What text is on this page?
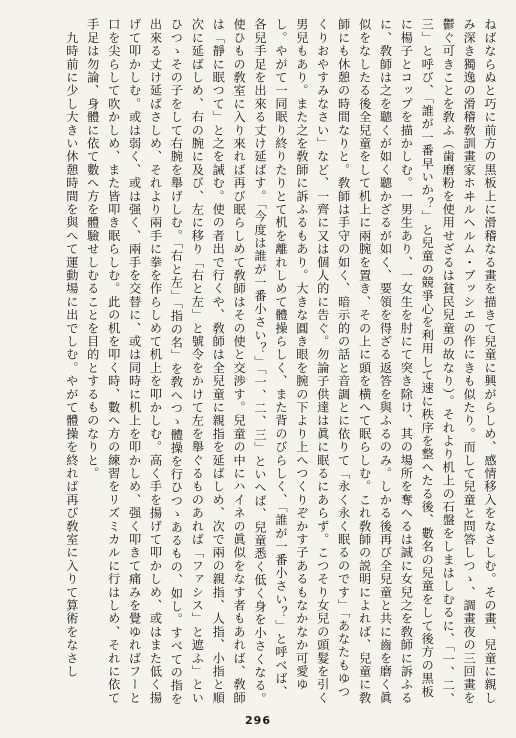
ねばならぬと巧に前方の黒板上に滑稽なる畫を描きて兒童に興がらしめ、感情移入をなさしむ。その畫、兒童に親しみ深き獨逸の滑稽敎訓畫家ホヰルヘルム・ブッシエの作にきも似たり。而して兒童と問答しつゝ、調畫夜の三回畫を鬱ぐ可きことを敎ふ（歯磨粉を使用せざるは貧民兒童の故なり）。それより机上の石盤をしまはしむるに、「一、二、三」と呼び、「誰が一番早いか？」と兒童の競爭心を利用して速に秩序を整へたる後、數名の兒童をして後方の黒板に楊子とコップを描かしむ。一男生あり、一女生を肘にて突き除け、其の場所を奪へるは誠に女兒之を敎師に訴ふるに、敎師は之を聽くが如く聽かざるが如く、要領を得ざる返答を與ふるのみ。しかる後再び全兒童と共に齒を磨く眞似をなしたる後全兒童をして机上に兩腕を置き、その上に頭を横へて眠らしむ。これ敎師の説明によれば、兒童に敎師にも休憩の時間なりと。敎師は手守の如く、暗示的の話と音調とに依りて「永く永く眠るのです」「あなたもゆつくりおやすみなさい」など、一齊に又は個人的に告ぐ。勿論子供達は眞に眠るにあらず。こつそり女兒の頭髮を引く男兒もあり。また之を敎師に訴ふるもあり。大きな圓き眼を腕の下より上へつくりぞかす子あるもなかなか可愛ゆし。やがて一同眠り終りたりとて机を離れしめて體操らしく、また背のびらしく、「誰が一番小さい？」と呼べば、各兒手足を出來る丈け延ばす。「今度は誰が一番小さい？」「一、二、三」といへば、兒童悉く低く身を小さくなる。使ひもの敎室に入り來れば再び眠らしめて敎師はその使と交渉す。兒童の中にハイネの眞似をなす者もあれば、敎師は「靜に眠つて」と之を誡む。使の者出で行くや、敎師は全兒童に親指を延ばしめ、次で兩の親指、人指、小指と順次に延ばしめ、右の腕に及び、左に移り「右と左」と號令をかけて左を舉ぐるものあれば「ファシス」と遮ふ」といひつゝその子をして右腕を舉げしむ。「右と左」「指の名」を敎へつゝ體操を行ひつゝあるもの、如し。すべての指を出來る丈け延ばさしめ、それより兩手に拳を作らしめて机上を叩かしむ。高く手を揚げて叩かしめ、或はまた低く揚げて叩かしむ。或は弱く、或は强く、兩手を交替に、或は同時に机上を叩かしめ、强く叩きて痛みを覺ゆればフーと口を尖らして吹かしめ、また皆叩き眠らしむ。此の机を叩く時、數へ方の練習をリズミカルに行はしめ、それに依て手足は勿論、身體に依て數へ方を體驗せしむることを目的とするものなりと。

　九時前に少し大きい休憩時間を與へて運動場に出でしむ。やがて體操を終れば再び敎室に入りて算術をなさし

296
